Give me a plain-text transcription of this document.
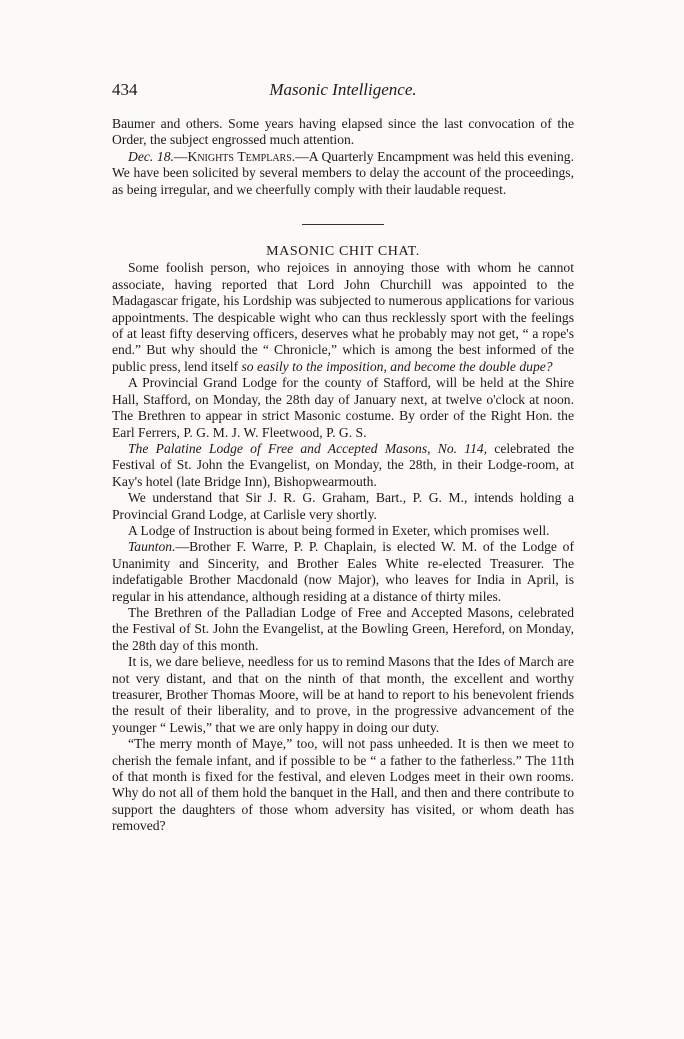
434	Masonic Intelligence.

Baumer and others. Some years having elapsed since the last convocation of the Order, the subject engrossed much attention.

Dec. 18.—Knights Templars.—A Quarterly Encampment was held this evening. We have been solicited by several members to delay the account of the proceedings, as being irregular, and we cheerfully comply with their laudable request.

MASONIC CHIT CHAT.

Some foolish person, who rejoices in annoying those with whom he cannot associate, having reported that Lord John Churchill was appointed to the Madagascar frigate, his Lordship was subjected to numerous applications for various appointments. The despicable wight who can thus recklessly sport with the feelings of at least fifty deserving officers, deserves what he probably may not get, “ a rope's end.” But why should the “ Chronicle,” which is among the best informed of the public press, lend itself so easily to the imposition, and become the double dupe?

A Provincial Grand Lodge for the county of Stafford, will be held at the Shire Hall, Stafford, on Monday, the 28th day of January next, at twelve o'clock at noon. The Brethren to appear in strict Masonic costume. By order of the Right Hon. the Earl Ferrers, P. G. M. J. W. Fleetwood, P. G. S.

The Palatine Lodge of Free and Accepted Masons, No. 114, celebrated the Festival of St. John the Evangelist, on Monday, the 28th, in their Lodge-room, at Kay's hotel (late Bridge Inn), Bishopwearmouth.

We understand that Sir J. R. G. Graham, Bart., P. G. M., intends holding a Provincial Grand Lodge, at Carlisle very shortly.

A Lodge of Instruction is about being formed in Exeter, which promises well.

Taunton.—Brother F. Warre, P. P. Chaplain, is elected W. M. of the Lodge of Unanimity and Sincerity, and Brother Eales White re-elected Treasurer. The indefatigable Brother Macdonald (now Major), who leaves for India in April, is regular in his attendance, although residing at a distance of thirty miles.

The Brethren of the Palladian Lodge of Free and Accepted Masons, celebrated the Festival of St. John the Evangelist, at the Bowling Green, Hereford, on Monday, the 28th day of this month.

It is, we dare believe, needless for us to remind Masons that the Ides of March are not very distant, and that on the ninth of that month, the excellent and worthy treasurer, Brother Thomas Moore, will be at hand to report to his benevolent friends the result of their liberality, and to prove, in the progressive advancement of the younger “ Lewis,” that we are only happy in doing our duty.

“The merry month of Maye,” too, will not pass unheeded. It is then we meet to cherish the female infant, and if possible to be “ a father to the fatherless.” The 11th of that month is fixed for the festival, and eleven Lodges meet in their own rooms. Why do not all of them hold the banquet in the Hall, and then and there contribute to support the daughters of those whom adversity has visited, or whom death has removed?
